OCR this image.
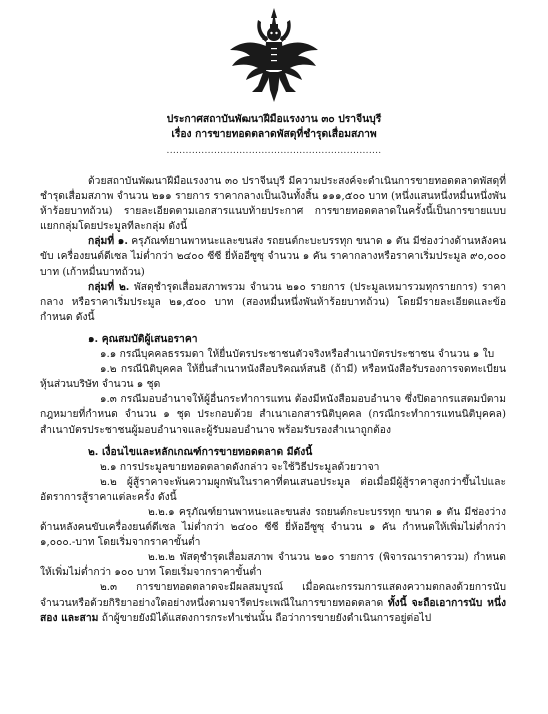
ประกาศสถาบันพัฒนาฝีมือแรงงาน ๓๐ ปราจีนบุรี
เรื่อง การขายทอดตลาดพัสดุที่ชำรุดเสื่อมสภาพ
....................................................................

ด้วยสถาบันพัฒนาฝีมือแรงงาน ๓๐ ปราจีนบุรี มีความประสงค์จะดำเนินการขายทอดตลาดพัสดุที่ชำรุดเสื่อมสภาพ จำนวน ๒๑๑ รายการ ราคากลางเป็นเงินทั้งสิ้น ๑๑๑,๕๐๐ บาท (หนึ่งแสนหนึ่งหมื่นหนึ่งพันห้าร้อยบาทถ้วน) รายละเอียดตามเอกสารแนบท้ายประกาศ การขายทอดตลาดในครั้งนี้เป็นการขายแบบแยกกลุ่มโดยประมูลทีละกลุ่ม ดังนี้

กลุ่มที่ ๑. ครุภัณฑ์ยานพาหนะและขนส่ง รถยนต์กะบะบรรทุก ขนาด ๑ ตัน มีช่องว่างด้านหลังคนขับ เครื่องยนต์ดีเซล ไม่ต่ำกว่า ๒๔๐๐ ซีซี ยี่ห้ออีซูซุ จำนวน ๑ คัน ราคากลางหรือราคาเริ่มประมูล ๙๐,๐๐๐ บาท (เก้าหมื่นบาทถ้วน)

กลุ่มที่ ๒. พัสดุชำรุดเสื่อมสภาพรวม จำนวน ๒๑๐ รายการ (ประมูลเหมารวมทุกรายการ) ราคากลาง หรือราคาเริ่มประมูล ๒๑,๕๐๐ บาท (สองหมื่นหนึ่งพันห้าร้อยบาทถ้วน) โดยมีรายละเอียดและข้อกำหนด ดังนี้

๑. คุณสมบัติผู้เสนอราคา

๑.๑ กรณีบุคคลธรรมดา ให้ยื่นบัตรประชาชนตัวจริงหรือสำเนาบัตรประชาชน จำนวน ๑ ใบ

๑.๒ กรณีนิติบุคคล ให้ยื่นสำเนาหนังสือบริคณห์สนธิ (ถ้ามี) หรือหนังสือรับรองการจดทะเบียนหุ้นส่วนบริษัท จำนวน ๑ ชุด

๑.๓ กรณีมอบอำนาจให้ผู้อื่นกระทำการแทน ต้องมีหนังสือมอบอำนาจ ซึ่งปิดอากรแสตมป์ตามกฎหมายที่กำหนด จำนวน ๑ ชุด ประกอบด้วย สำเนาเอกสารนิติบุคคล (กรณีกระทำการแทนนิติบุคคล) สำเนาบัตรประชาชนผู้มอบอำนาจและผู้รับมอบอำนาจ พร้อมรับรองสำเนาถูกต้อง

๒. เงื่อนไขและหลักเกณฑ์การขายทอดตลาด มีดังนี้

๒.๑ การประมูลขายทอดตลาดดังกล่าว จะใช้วิธีประมูลด้วยวาจา

๒.๒ ผู้สู้ราคาจะพ้นความผูกพันในราคาที่ตนเสนอประมูล ต่อเมื่อมีผู้สู้ราคาสูงกว่าขึ้นไปและอัตราการสู้ราคาแต่ละครั้ง ดังนี้

๒.๒.๑ ครุภัณฑ์ยานพาหนะและขนส่ง รถยนต์กะบะบรรทุก ขนาด ๑ ตัน มีช่องว่างด้านหลังคนขับเครื่องยนต์ดีเซล ไม่ต่ำกว่า ๒๔๐๐ ซีซี ยี่ห้ออีซูซุ จำนวน ๑ คัน กำหนดให้เพิ่มไม่ต่ำกว่า ๑,๐๐๐.-บาท โดยเริ่มจากราคาขั้นต่ำ

๒.๒.๒ พัสดุชำรุดเสื่อมสภาพ จำนวน ๒๑๐ รายการ (พิจารณาราคารวม) กำหนดให้เพิ่มไม่ต่ำกว่า ๑๐๐ บาท โดยเริ่มจากราคาขั้นต่ำ

๒.๓ การขายทอดตลาดจะมีผลสมบูรณ์ เมื่อคณะกรรมการแสดงความตกลงด้วยการนับจำนวนหรือด้วยกิริยาอย่างใดอย่างหนึ่งตามจารีตประเพณีในการขายทอดตลาด ทั้งนี้ จะถือเอาการนับ หนึ่ง สอง และสาม ถ้าผู้ขายยังมิได้แสดงการกระทำเช่นนั้น ถือว่าการขายยังดำเนินการอยู่ต่อไป
